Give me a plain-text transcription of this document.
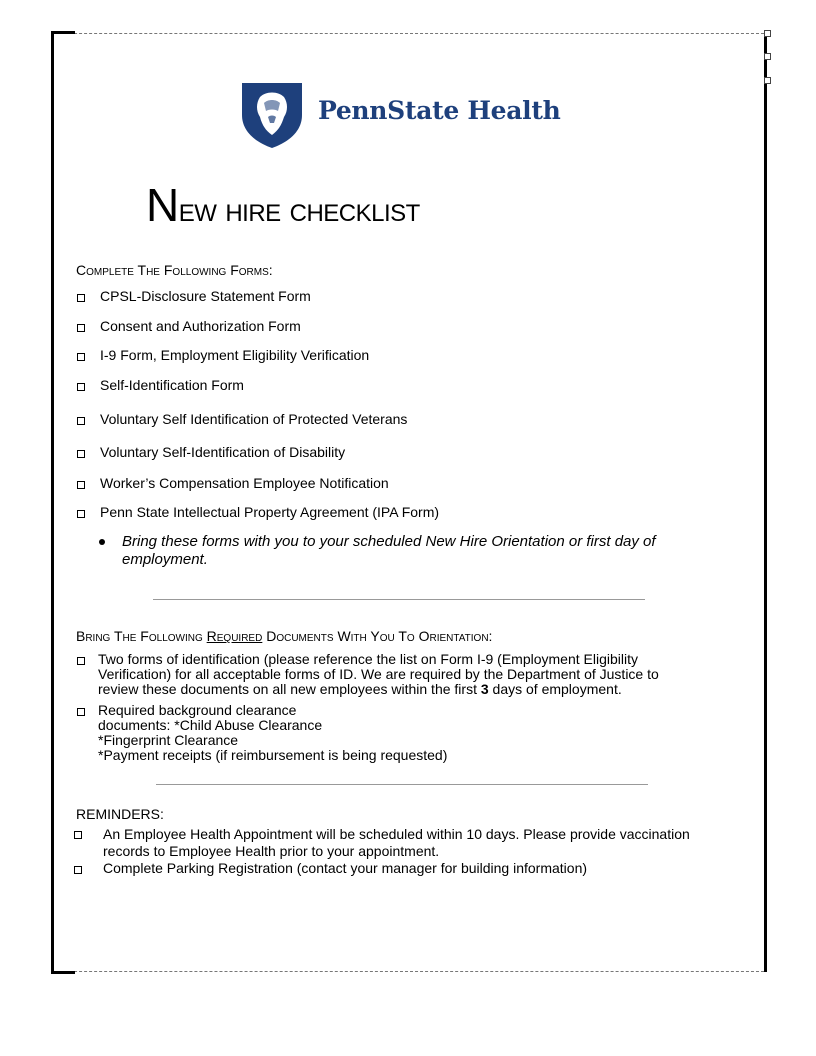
PennState Health
New hire checklist
Complete The Following Forms:
CPSL-Disclosure Statement Form
Consent and Authorization Form
I-9 Form, Employment Eligibility Verification
Self-Identification Form
Voluntary Self Identification of Protected Veterans
Voluntary Self-Identification of Disability
Worker’s Compensation Employee Notification
Penn State Intellectual Property Agreement (IPA Form)
Bring these forms with you to your scheduled New Hire Orientation or first day of employment.
Bring The Following Required Documents With You To Orientation:
Two forms of identification (please reference the list on Form I-9 (Employment Eligibility Verification) for all acceptable forms of ID. We are required by the Department of Justice to review these documents on all new employees within the first 3 days of employment.
Required background clearance
documents: *Child Abuse Clearance
*Fingerprint Clearance
*Payment receipts (if reimbursement is being requested)
REMINDERS:
An Employee Health Appointment will be scheduled within 10 days. Please provide vaccination records to Employee Health prior to your appointment.
Complete Parking Registration (contact your manager for building information)
